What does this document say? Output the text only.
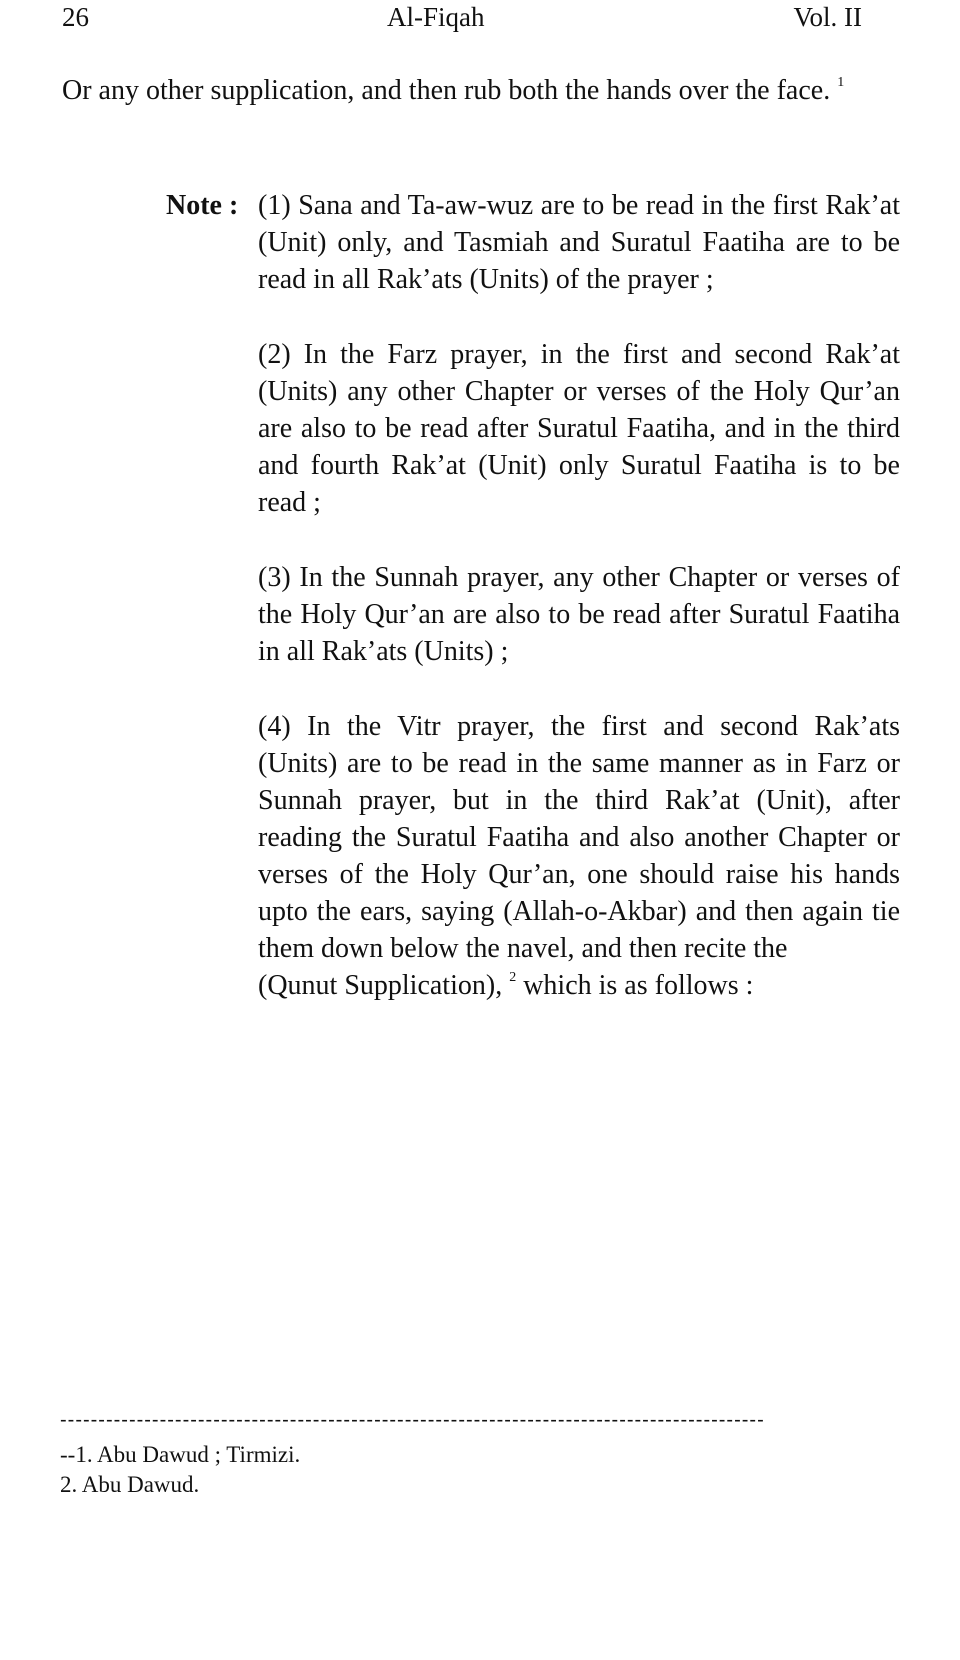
26	Al-Fiqah	Vol. II
Or any other supplication, and then rub both the hands over the face. $^1$
Note : (1) Sana and Ta-aw-wuz are to be read in the first Rak’at (Unit) only, and Tasmiah and Suratul Faatiha are to be read in all Rak’ats (Units) of the prayer ;

(2) In the Farz prayer, in the first and second Rak’at (Units) any other Chapter or verses of the Holy Qur’an are also to be read after Suratul Faatiha, and in the third and fourth Rak’at (Unit) only Suratul Faatiha is to be read ;

(3) In the Sunnah prayer, any other Chapter or verses of the Holy Qur’an are also to be read after Suratul Faatiha in all Rak’ats (Units) ;

(4) In the Vitr prayer, the first and second Rak’ats (Units) are to be read in the same manner as in Farz or Sunnah prayer, but in the third Rak’at (Unit), after reading the Suratul Faatiha and also another Chapter or verses of the Holy Qur’an, one should raise his hands upto the ears, saying (Allah-o-Akbar) and then again tie them down below the navel, and then recite the
(Qunut Supplication), $^2$ which is as follows :
--------------------------------------------------------------------------------------------
--1. Abu Dawud ; Tirmizi.
2. Abu Dawud.
